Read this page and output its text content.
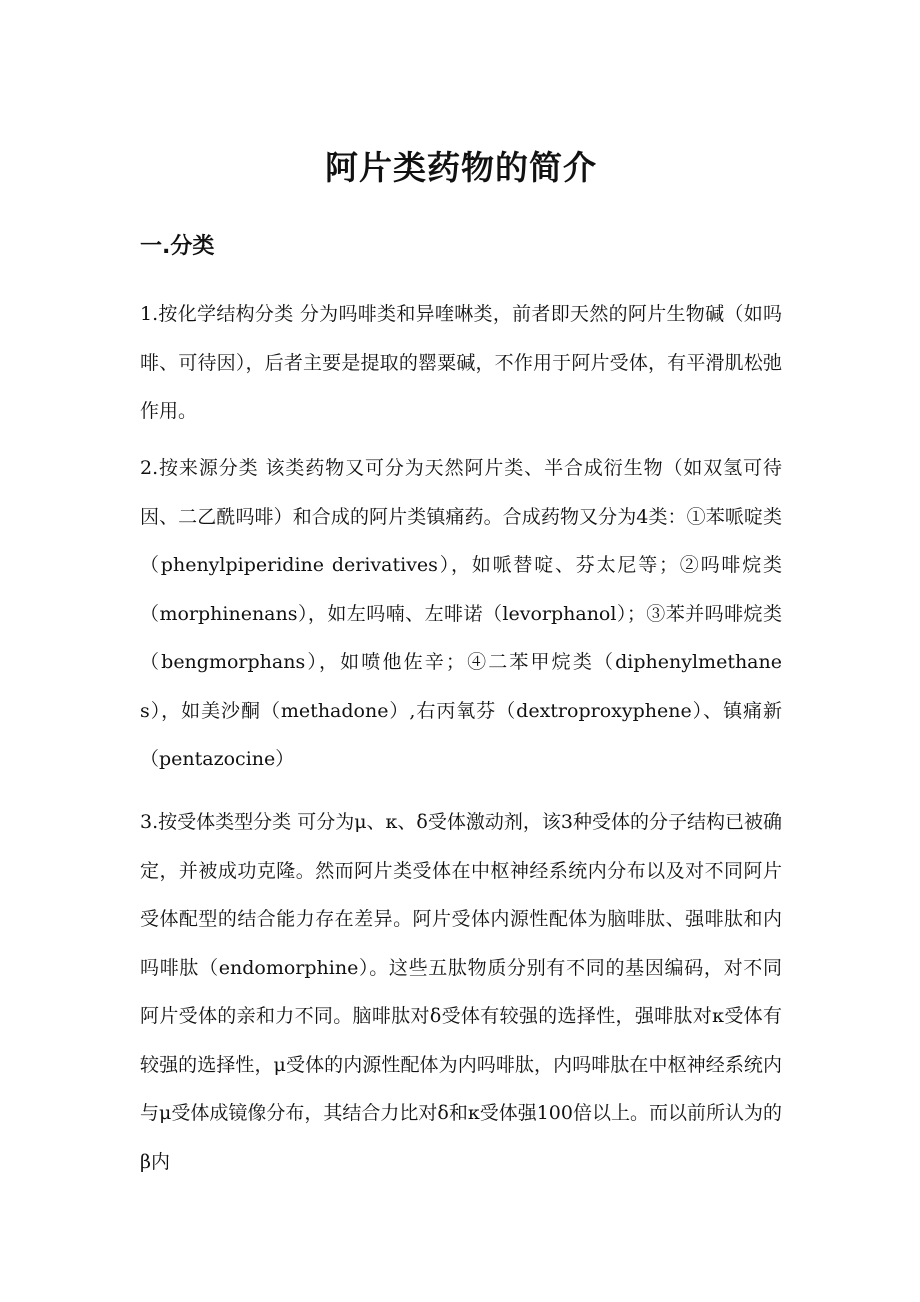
阿片类药物的简介
一.分类

1.按化学结构分类 分为吗啡类和异喹啉类，前者即天然的阿片生物碱（如吗啡、可待因），后者主要是提取的罂粟碱，不作用于阿片受体，有平滑肌松弛作用。

2.按来源分类 该类药物又可分为天然阿片类、半合成衍生物（如双氢可待因、二乙酰吗啡）和合成的阿片类镇痛药。合成药物又分为4类：①苯哌啶类（phenylpiperidine derivatives），如哌替啶、芬太尼等；②吗啡烷类（morphinenans），如左吗喃、左啡诺（levorphanol）；③苯并吗啡烷类（bengmorphans），如喷他佐辛；④二苯甲烷类（diphenylmethanes），如美沙酮（methadone）,右丙氧芬（dextroproxyphene）、镇痛新（pentazocine）

3.按受体类型分类 可分为μ、κ、δ受体激动剂，该3种受体的分子结构已被确定，并被成功克隆。然而阿片类受体在中枢神经系统内分布以及对不同阿片受体配型的结合能力存在差异。阿片受体内源性配体为脑啡肽、强啡肽和内吗啡肽（endomorphine）。这些五肽物质分别有不同的基因编码，对不同阿片受体的亲和力不同。脑啡肽对δ受体有较强的选择性，强啡肽对κ受体有较强的选择性，μ受体的内源性配体为内吗啡肽，内吗啡肽在中枢神经系统内与μ受体成镜像分布，其结合力比对δ和κ受体强100倍以上。而以前所认为的β内
